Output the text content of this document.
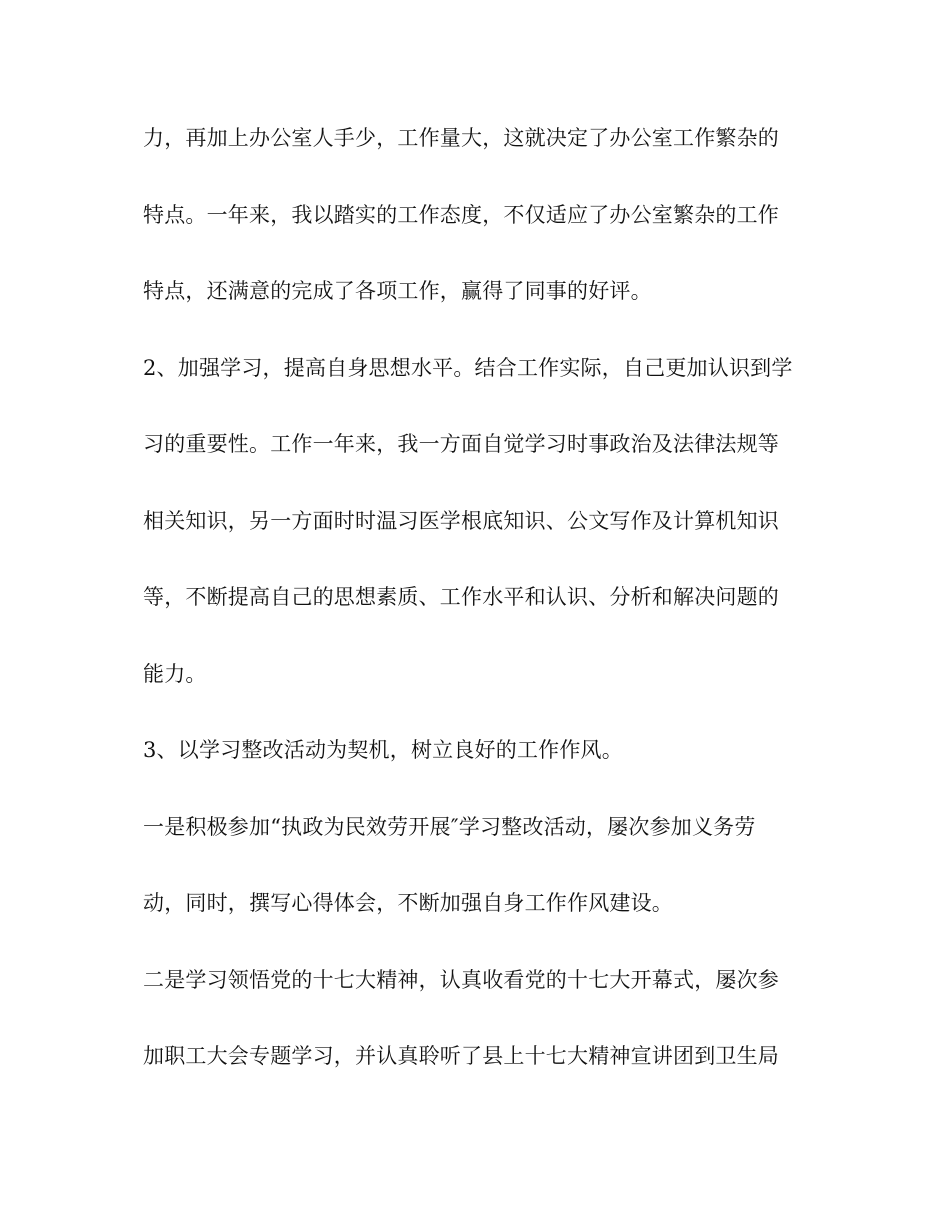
力，再加上办公室人手少，工作量大，这就决定了办公室工作繁杂的
特点。一年来，我以踏实的工作态度，不仅适应了办公室繁杂的工作
特点，还满意的完成了各项工作，赢得了同事的好评。
2、加强学习，提高自身思想水平。结合工作实际，自己更加认识到学
习的重要性。工作一年来，我一方面自觉学习时事政治及法律法规等
相关知识，另一方面时时温习医学根底知识、公文写作及计算机知识
等，不断提高自己的思想素质、工作水平和认识、分析和解决问题的
能力。
3、以学习整改活动为契机，树立良好的工作作风。
一是积极参加“执政为民效劳开展″学习整改活动，屡次参加义务劳
动，同时，撰写心得体会，不断加强自身工作作风建设。
二是学习领悟党的十七大精神，认真收看党的十七大开幕式，屡次参
加职工大会专题学习，并认真聆听了县上十七大精神宣讲团到卫生局
